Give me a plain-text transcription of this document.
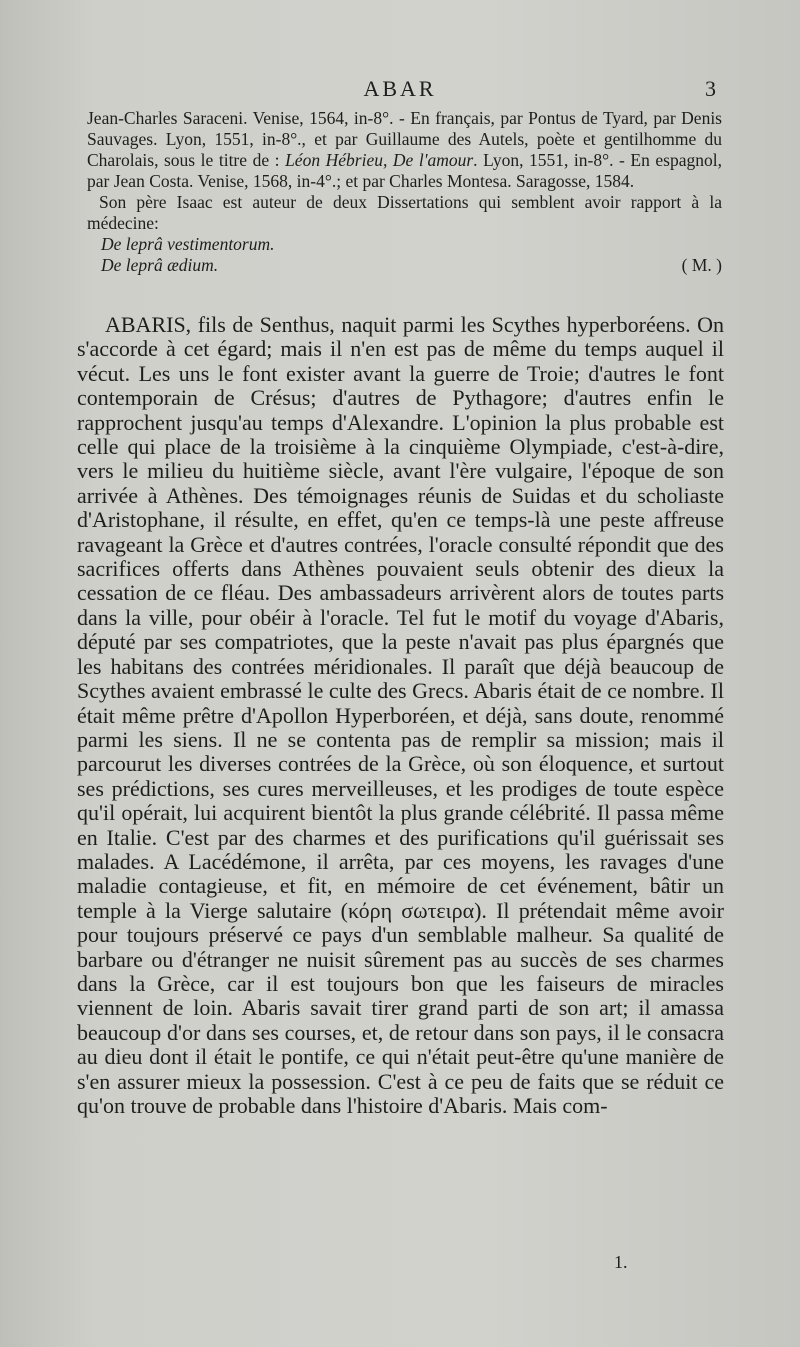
ABAR	3

Jean-Charles Saraceni. Venise, 1564, in-8°. - En français, par Pontus de Tyard, par Denis Sauvages. Lyon, 1551, in-8°., et par Guillaume des Autels, poète et gentilhomme du Charolais, sous le titre de : Léon Hébrieu, De l'amour. Lyon, 1551, in-8°. - En espagnol, par Jean Costa. Venise, 1568, in-4°.; et par Charles Montesa. Saragosse, 1584.

Son père Isaac est auteur de deux Dissertations qui semblent avoir rapport à la médecine:

De leprâ vestimentorum.

De leprâ ædium.	( M. )

ABARIS, fils de Senthus, naquit parmi les Scythes hyperboréens. On s'accorde à cet égard; mais il n'en est pas de même du temps auquel il vécut. Les uns le font exister avant la guerre de Troie; d'autres le font contemporain de Crésus; d'autres de Pythagore; d'autres enfin le rapprochent jusqu'au temps d'Alexandre. L'opinion la plus probable est celle qui place de la troisième à la cinquième Olympiade, c'est-à-dire, vers le milieu du huitième siècle, avant l'ère vulgaire, l'époque de son arrivée à Athènes. Des témoignages réunis de Suidas et du scholiaste d'Aristophane, il résulte, en effet, qu'en ce temps-là une peste affreuse ravageant la Grèce et d'autres contrées, l'oracle consulté répondit que des sacrifices offerts dans Athènes pouvaient seuls obtenir des dieux la cessation de ce fléau. Des ambassadeurs arrivèrent alors de toutes parts dans la ville, pour obéir à l'oracle. Tel fut le motif du voyage d'Abaris, député par ses compatriotes, que la peste n'avait pas plus épargnés que les habitans des contrées méridionales. Il paraît que déjà beaucoup de Scythes avaient embrassé le culte des Grecs. Abaris était de ce nombre. Il était même prêtre d'Apollon Hyperboréen, et déjà, sans doute, renommé parmi les siens. Il ne se contenta pas de remplir sa mission; mais il parcourut les diverses contrées de la Grèce, où son éloquence, et surtout ses prédictions, ses cures merveilleuses, et les prodiges de toute espèce qu'il opérait, lui acquirent bientôt la plus grande célébrité. Il passa même en Italie. C'est par des charmes et des purifications qu'il guérissait ses malades. A Lacédémone, il arrêta, par ces moyens, les ravages d'une maladie contagieuse, et fit, en mémoire de cet événement, bâtir un temple à la Vierge salutaire (κόρη σωτειρα). Il prétendait même avoir pour toujours préservé ce pays d'un semblable malheur. Sa qualité de barbare ou d'étranger ne nuisit sûrement pas au succès de ses charmes dans la Grèce, car il est toujours bon que les faiseurs de miracles viennent de loin. Abaris savait tirer grand parti de son art; il amassa beaucoup d'or dans ses courses, et, de retour dans son pays, il le consacra au dieu dont il était le pontife, ce qui n'était peut-être qu'une manière de s'en assurer mieux la possession. C'est à ce peu de faits que se réduit ce qu'on trouve de probable dans l'histoire d'Abaris. Mais com-

1.
